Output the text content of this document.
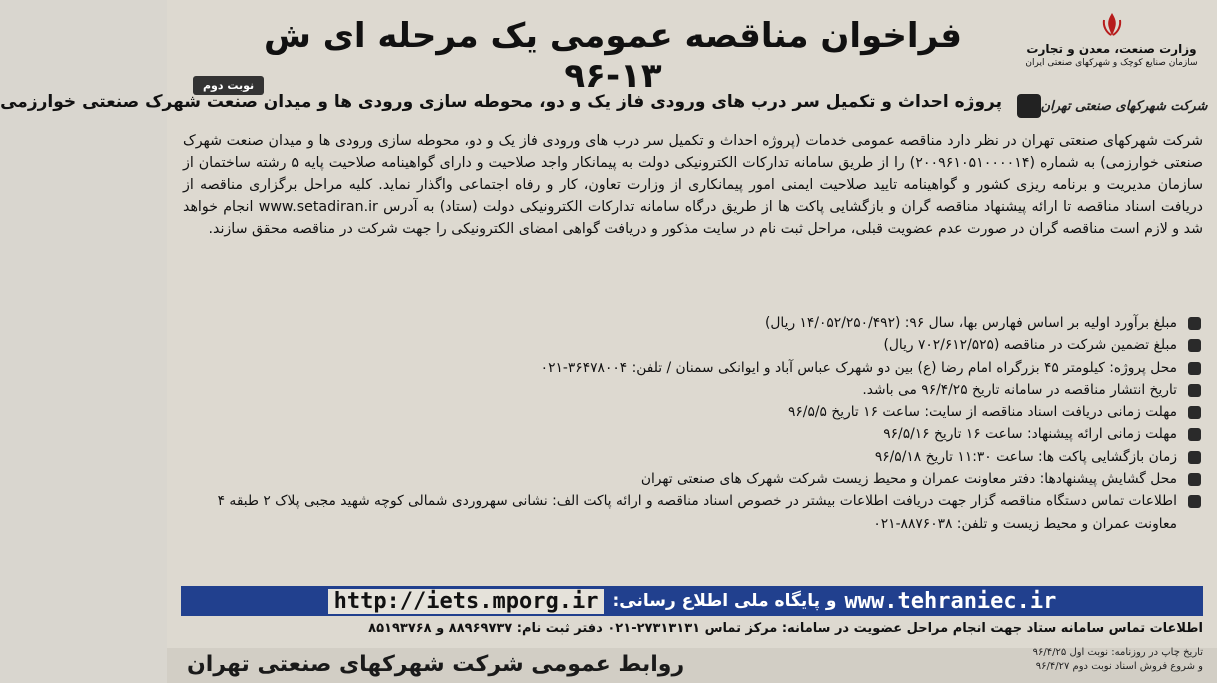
فراخوان مناقصه عمومی یک مرحله ای ش ۱۳-۹۶
وزارت صنعت، معدن و تجارت
سازمان صنایع کوچک و شهرکهای صنعتی ایران
نوبت دوم
شرکت شهرکهای صنعتی تهران
پروژه احداث و تکمیل سر درب های ورودی فاز یک و دو، محوطه سازی ورودی ها و میدان صنعت شهرک صنعتی خوارزمی

شرکت شهرکهای صنعتی تهران در نظر دارد مناقصه عمومی خدمات (پروژه احداث و تکمیل سر درب های ورودی فاز یک و دو، محوطه سازی ورودی ها و میدان صنعت شهرک صنعتی خوارزمی) به شماره (۲۰۰۹۶۱۰۵۱۰۰۰۰۱۴) را از طریق سامانه تدارکات الکترونیکی دولت به پیمانکار واجد صلاحیت و دارای گواهینامه صلاحیت پایه ۵ رشته ساختمان از سازمان مدیریت و برنامه ریزی کشور و گواهینامه تایید صلاحیت ایمنی امور پیمانکاری از وزارت تعاون، کار و رفاه اجتماعی واگذار نماید. کلیه مراحل برگزاری مناقصه از دریافت اسناد مناقصه تا ارائه پیشنهاد مناقصه گران و بازگشایی پاکت ها از طریق درگاه سامانه تدارکات الکترونیکی دولت (ستاد) به آدرس www.setadiran.ir انجام خواهد شد و لازم است مناقصه گران در صورت عدم عضویت قبلی، مراحل ثبت نام در سایت مذکور و دریافت گواهی امضای الکترونیکی را جهت شرکت در مناقصه محقق سازند.

مبلغ برآورد اولیه بر اساس فهارس بها، سال ۹۶: (۱۴/۰۵۲/۲۵۰/۴۹۲ ریال)
مبلغ تضمین شرکت در مناقصه (۷۰۲/۶۱۲/۵۲۵ ریال)
محل پروژه: کیلومتر ۴۵ بزرگراه امام رضا (ع) بین دو شهرک عباس آباد و ایوانکی سمنان / تلفن: ۳۶۴۷۸۰۰۴-۰۲۱
تاریخ انتشار مناقصه در سامانه تاریخ ۹۶/۴/۲۵ می باشد.
مهلت زمانی دریافت اسناد مناقصه از سایت: ساعت ۱۶ تاریخ ۹۶/۵/۵
مهلت زمانی ارائه پیشنهاد: ساعت ۱۶ تاریخ ۹۶/۵/۱۶
زمان بازگشایی پاکت ها: ساعت ۱۱:۳۰ تاریخ ۹۶/۵/۱۸
محل گشایش پیشنهادها: دفتر معاونت عمران و محیط زیست شرکت شهرک های صنعتی تهران
اطلاعات تماس دستگاه مناقصه گزار جهت دریافت اطلاعات بیشتر در خصوص اسناد مناقصه و ارائه پاکت الف: نشانی سهروردی شمالی کوچه شهید مجبی پلاک ۲ طبقه ۴ معاونت عمران و محیط زیست و تلفن: ۸۸۷۶۰۳۸-۰۲۱
http://iets.mporg.ir و پایگاه ملی اطلاع رسانی: www.tehraniec.ir
اطلاعات تماس سامانه ستاد جهت انجام مراحل عضویت در سامانه: مرکز تماس ۲۷۳۱۳۱۳۱-۰۲۱ دفتر ثبت نام: ۸۸۹۶۹۷۳۷ و ۸۵۱۹۳۷۶۸
روابط عمومی شرکت شهرکهای صنعتی تهران	تاریخ چاپ در روزنامه: نوبت اول ۹۶/۴/۲۵
و شروع فروش اسناد نوبت دوم ۹۶/۴/۲۷
